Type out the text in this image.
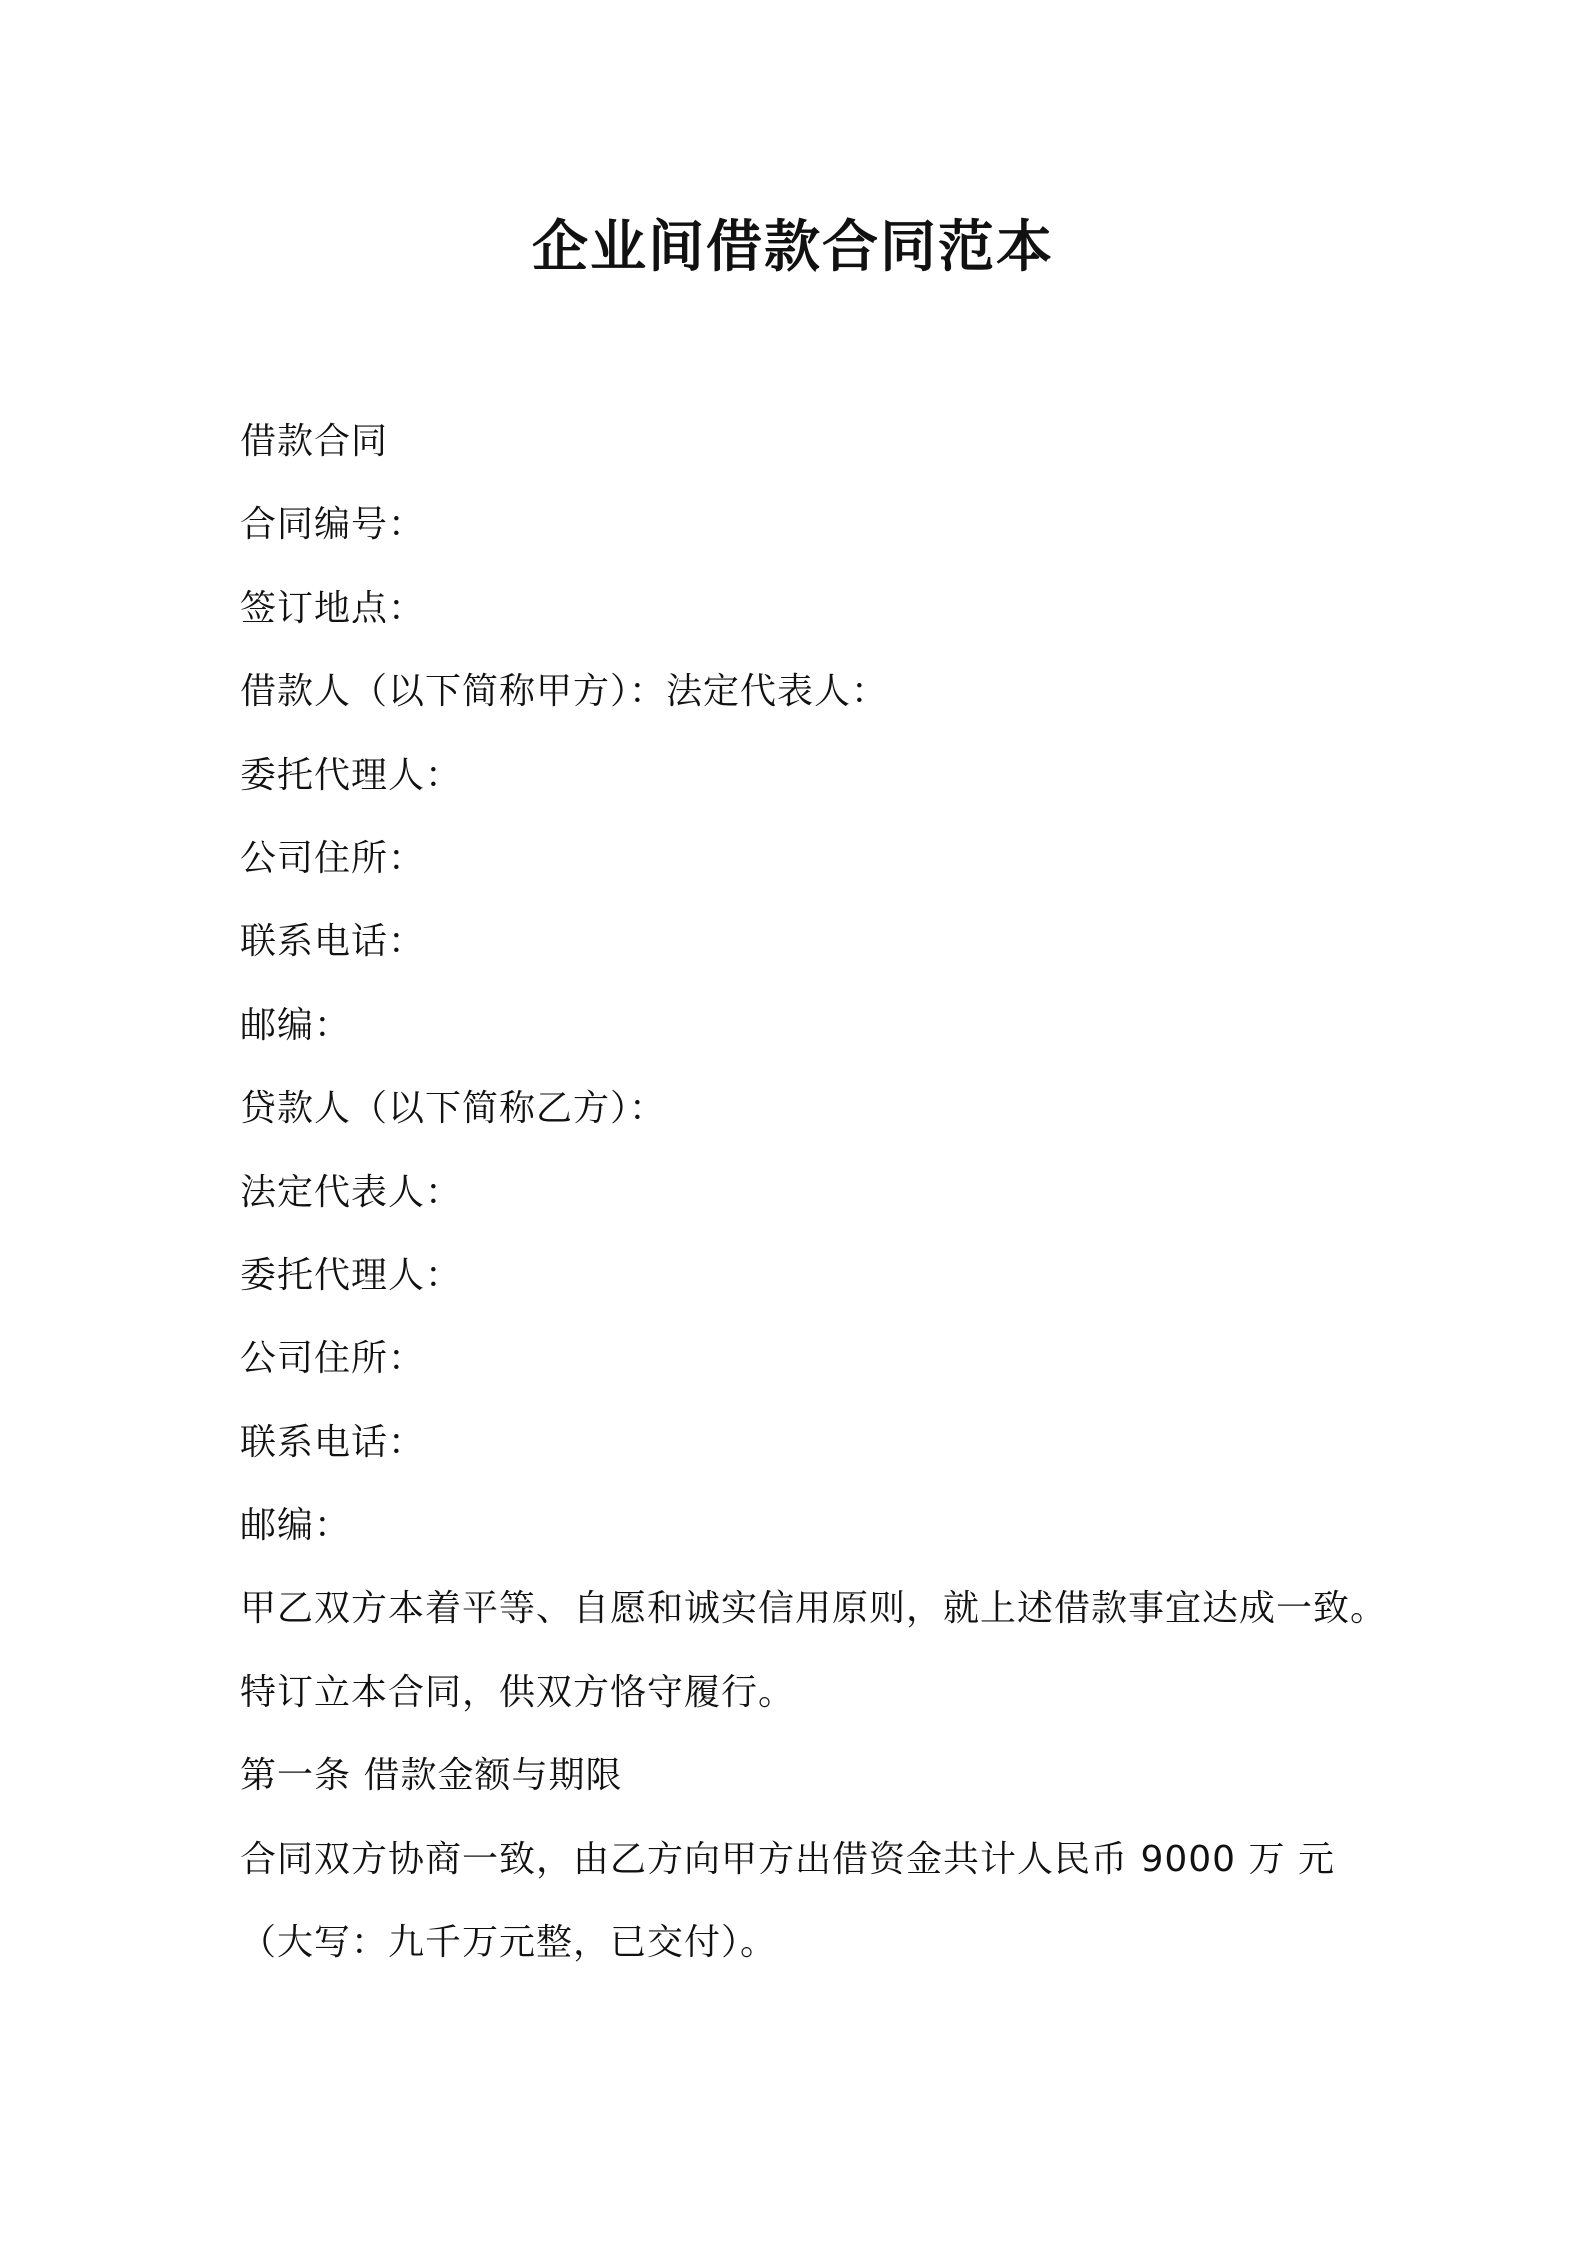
企业间借款合同范本
借款合同
合同编号：
签订地点：
借款人（以下简称甲方）：法定代表人：
委托代理人：
公司住所：
联系电话：
邮编：
贷款人（以下简称乙方）：
法定代表人：
委托代理人：
公司住所：
联系电话：
邮编：
甲乙双方本着平等、自愿和诚实信用原则，就上述借款事宜达成一致。
特订立本合同，供双方恪守履行。
第一条 借款金额与期限
合同双方协商一致，由乙方向甲方出借资金共计人民币 9000 万 元
（大写：九千万元整，已交付）。
